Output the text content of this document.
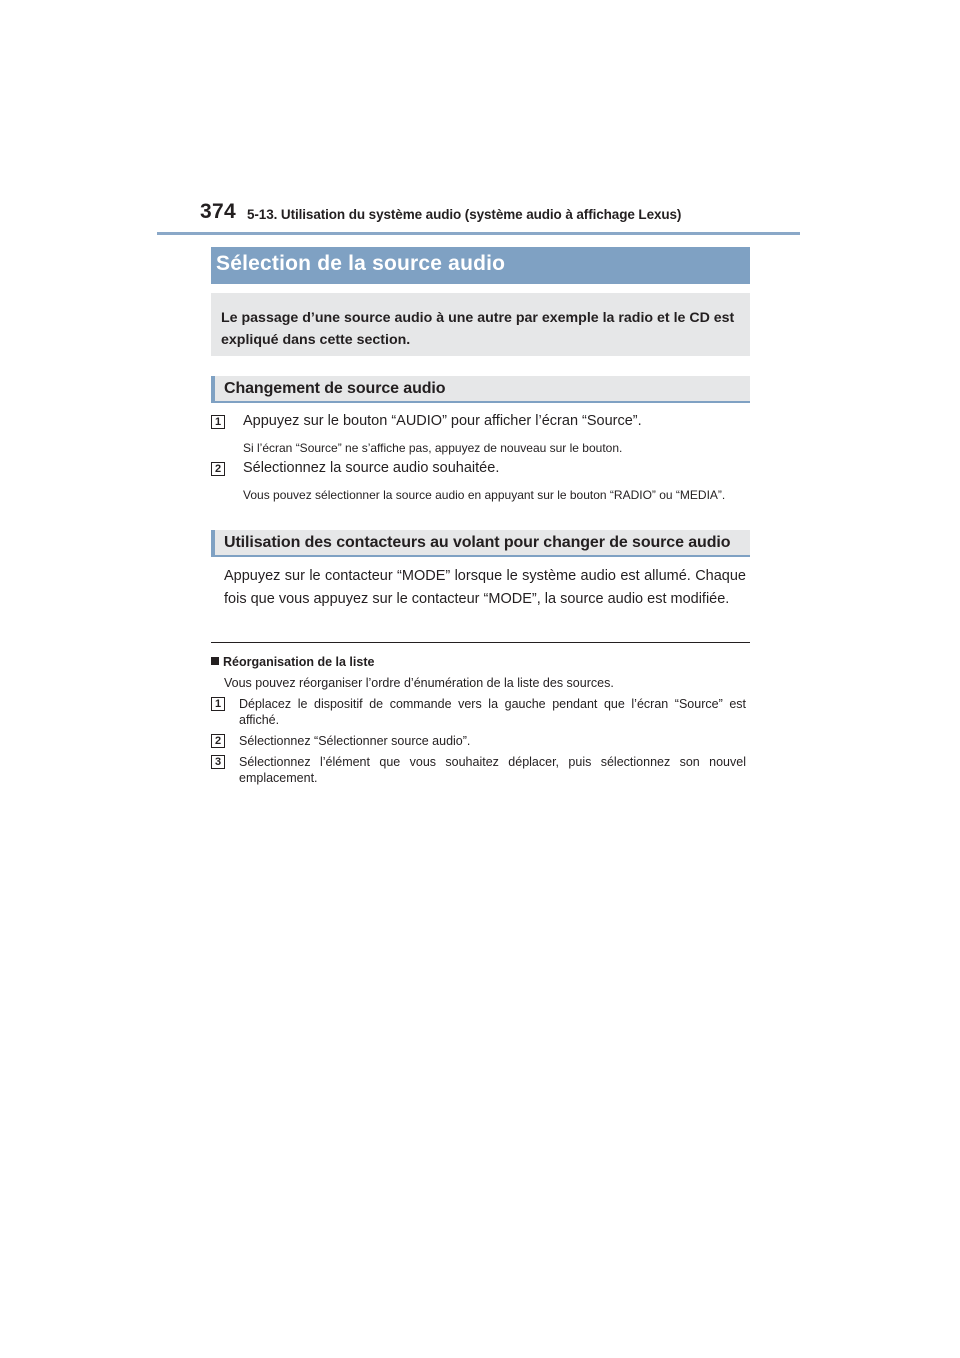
374 5-13. Utilisation du système audio (système audio à affichage Lexus)
Sélection de la source audio
Le passage d’une source audio à une autre par exemple la radio et le CD est expliqué dans cette section.
Changement de source audio
1 Appuyez sur le bouton “AUDIO” pour afficher l’écran “Source”.
Si l’écran “Source” ne s’affiche pas, appuyez de nouveau sur le bouton.
2 Sélectionnez la source audio souhaitée.
Vous pouvez sélectionner la source audio en appuyant sur le bouton “RADIO” ou “MEDIA”.
Utilisation des contacteurs au volant pour changer de source audio
Appuyez sur le contacteur “MODE” lorsque le système audio est allumé. Chaque fois que vous appuyez sur le contacteur “MODE”, la source audio est modifiée.
Réorganisation de la liste
Vous pouvez réorganiser l’ordre d’énumération de la liste des sources.
1	Déplacez le dispositif de commande vers la gauche pendant que l’écran “Source” est affiché.
2	Sélectionnez “Sélectionner source audio”.
3	Sélectionnez l’élément que vous souhaitez déplacer, puis sélectionnez son nouvel emplacement.
